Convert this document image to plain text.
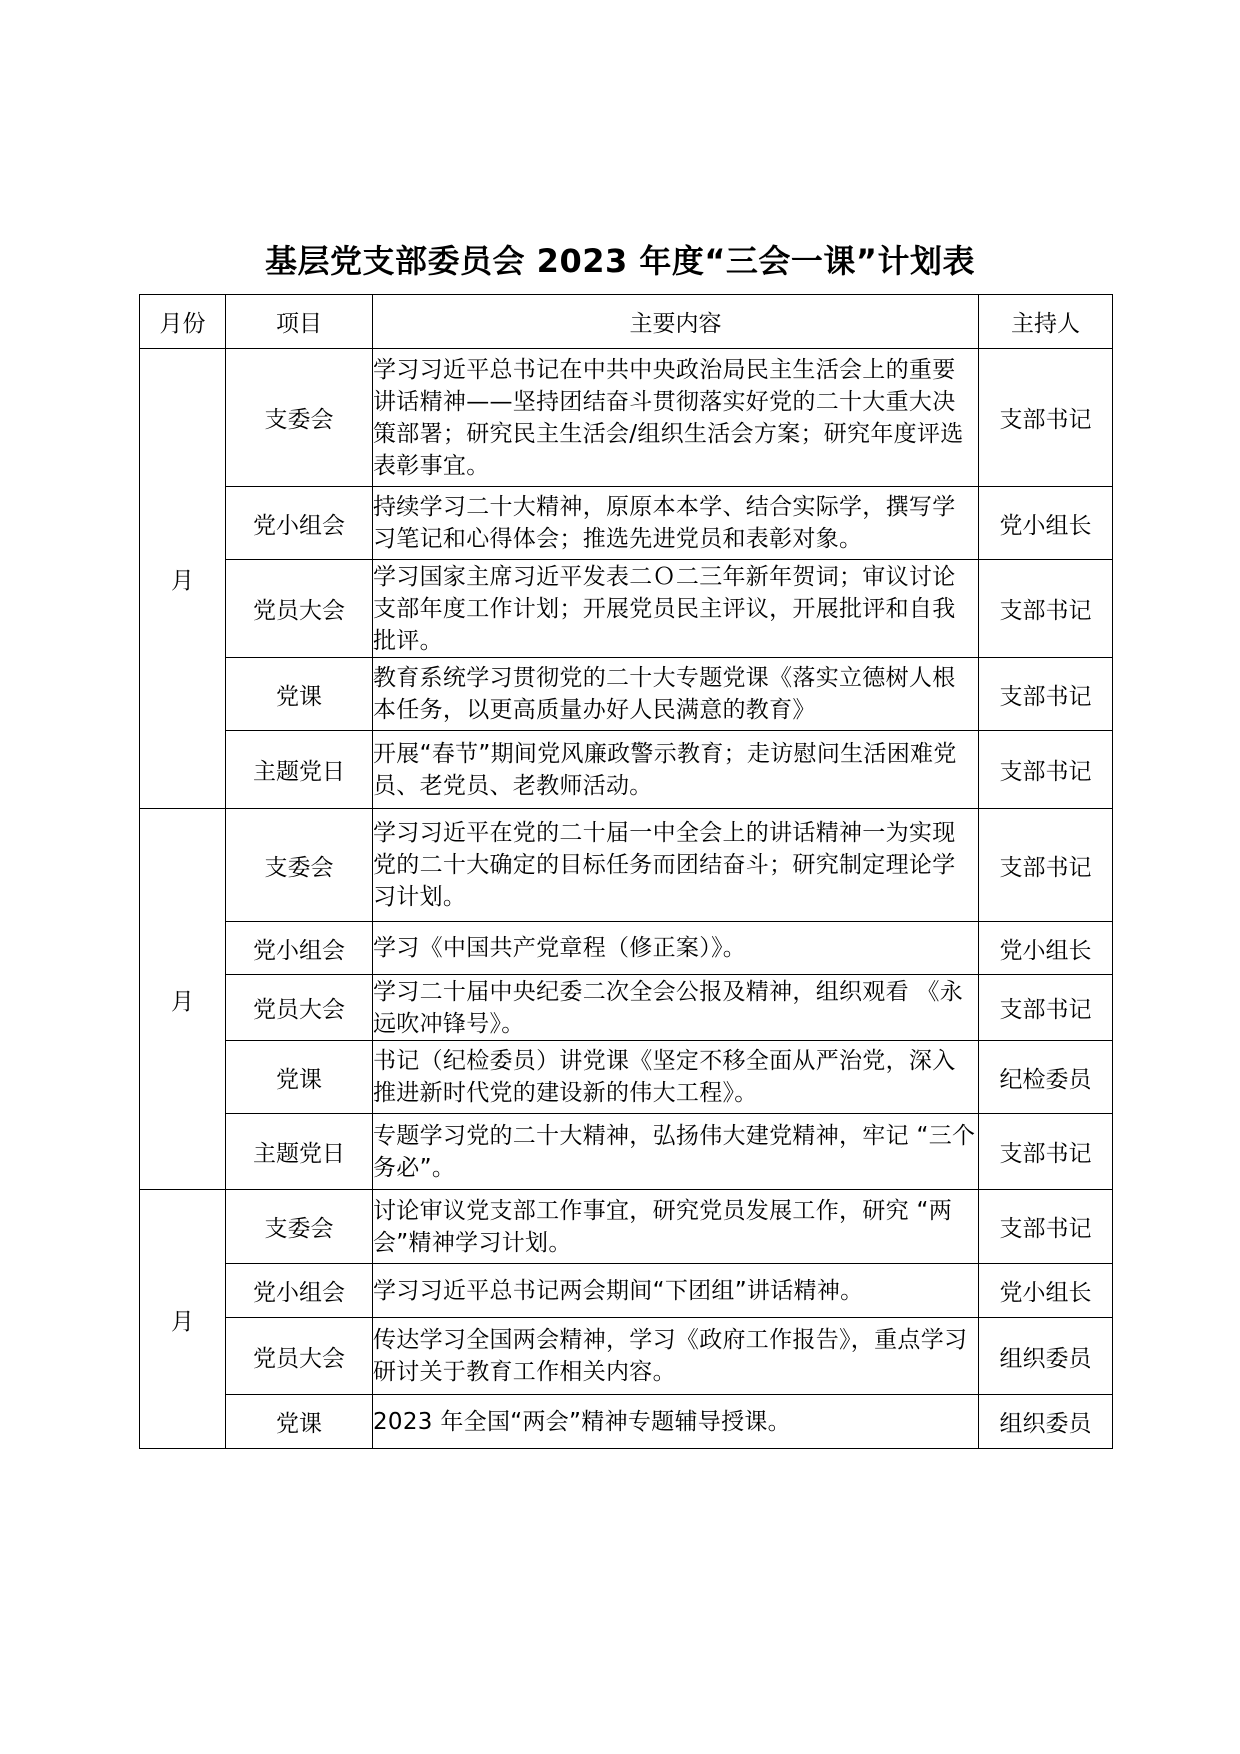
基层党支部委员会 2023 年度“三会一课”计划表
月份	项目	主要内容	主持人
月	支委会	学习习近平总书记在中共中央政治局民主生活会上的重要讲话精神——坚持团结奋斗贯彻落实好党的二十大重大决策部署；研究民主生活会/组织生活会方案；研究年度评选表彰事宜。	支部书记
	党小组会	持续学习二十大精神，原原本本学、结合实际学，撰写学习笔记和心得体会；推选先进党员和表彰对象。	党小组长
	党员大会	学习国家主席习近平发表二Ｏ二三年新年贺词；审议讨论支部年度工作计划；开展党员民主评议，开展批评和自我批评。	支部书记
	党课	教育系统学习贯彻党的二十大专题党课《落实立德树人根本任务，以更高质量办好人民满意的教育》	支部书记
	主题党日	开展“春节”期间党风廉政警示教育；走访慰问生活困难党员、老党员、老教师活动。	支部书记
月	支委会	学习习近平在党的二十届一中全会上的讲话精神一为实现党的二十大确定的目标任务而团结奋斗；研究制定理论学习计划。	支部书记
	党小组会	学习《中国共产党章程（修正案）》。	党小组长
	党员大会	学习二十届中央纪委二次全会公报及精神，组织观看 《永远吹冲锋号》。	支部书记
	党课	书记（纪检委员）讲党课《坚定不移全面从严治党，深入推进新时代党的建设新的伟大工程》。	纪检委员
	主题党日	专题学习党的二十大精神，弘扬伟大建党精神，牢记 “三个务必”。	支部书记
月	支委会	讨论审议党支部工作事宜，研究党员发展工作，研究 “两会”精神学习计划。	支部书记
	党小组会	学习习近平总书记两会期间“下团组”讲话精神。	党小组长
	党员大会	传达学习全国两会精神，学习《政府工作报告》，重点学习研讨关于教育工作相关内容。	组织委员
	党课	2023 年全国“两会”精神专题辅导授课。	组织委员
